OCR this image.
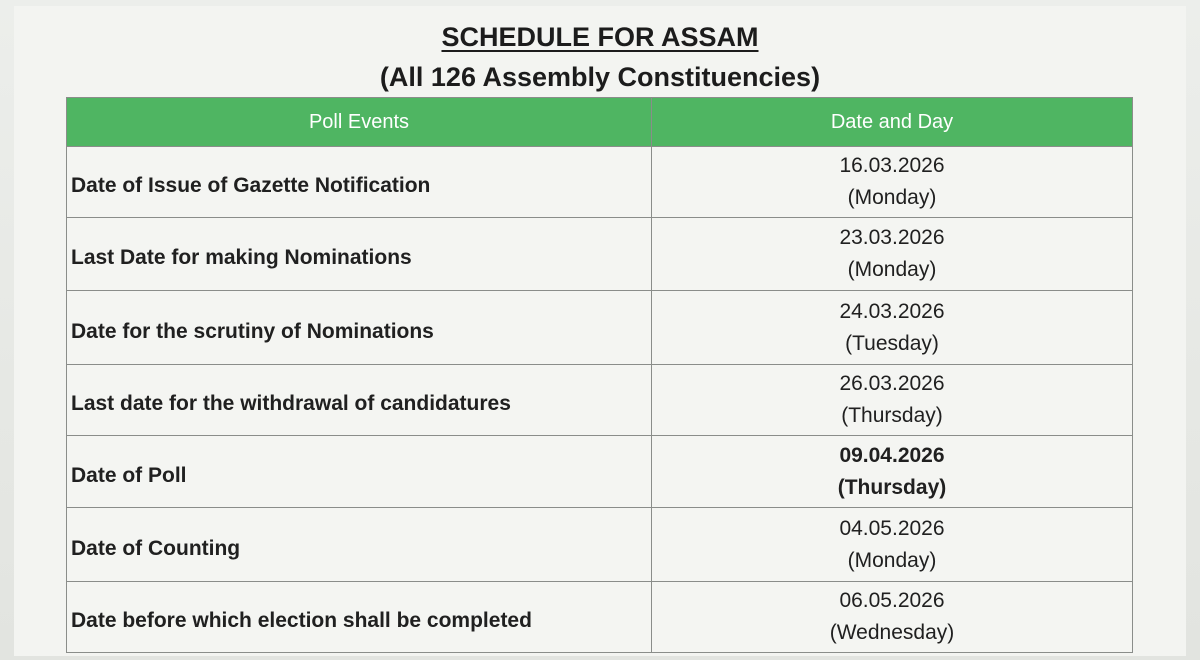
SCHEDULE FOR ASSAM
(All 126 Assembly Constituencies)
Poll Events	Date and Day
Date of Issue of Gazette Notification	16.03.2026
(Monday)

Last Date for making Nominations	23.03.2026
(Monday)

Date for the scrutiny of Nominations	24.03.2026
(Tuesday)

Last date for the withdrawal of candidatures	26.03.2026
(Thursday)

Date of Poll	09.04.2026
(Thursday)

Date of Counting	04.05.2026
(Monday)

Date before which election shall be completed	06.05.2026
(Wednesday)
